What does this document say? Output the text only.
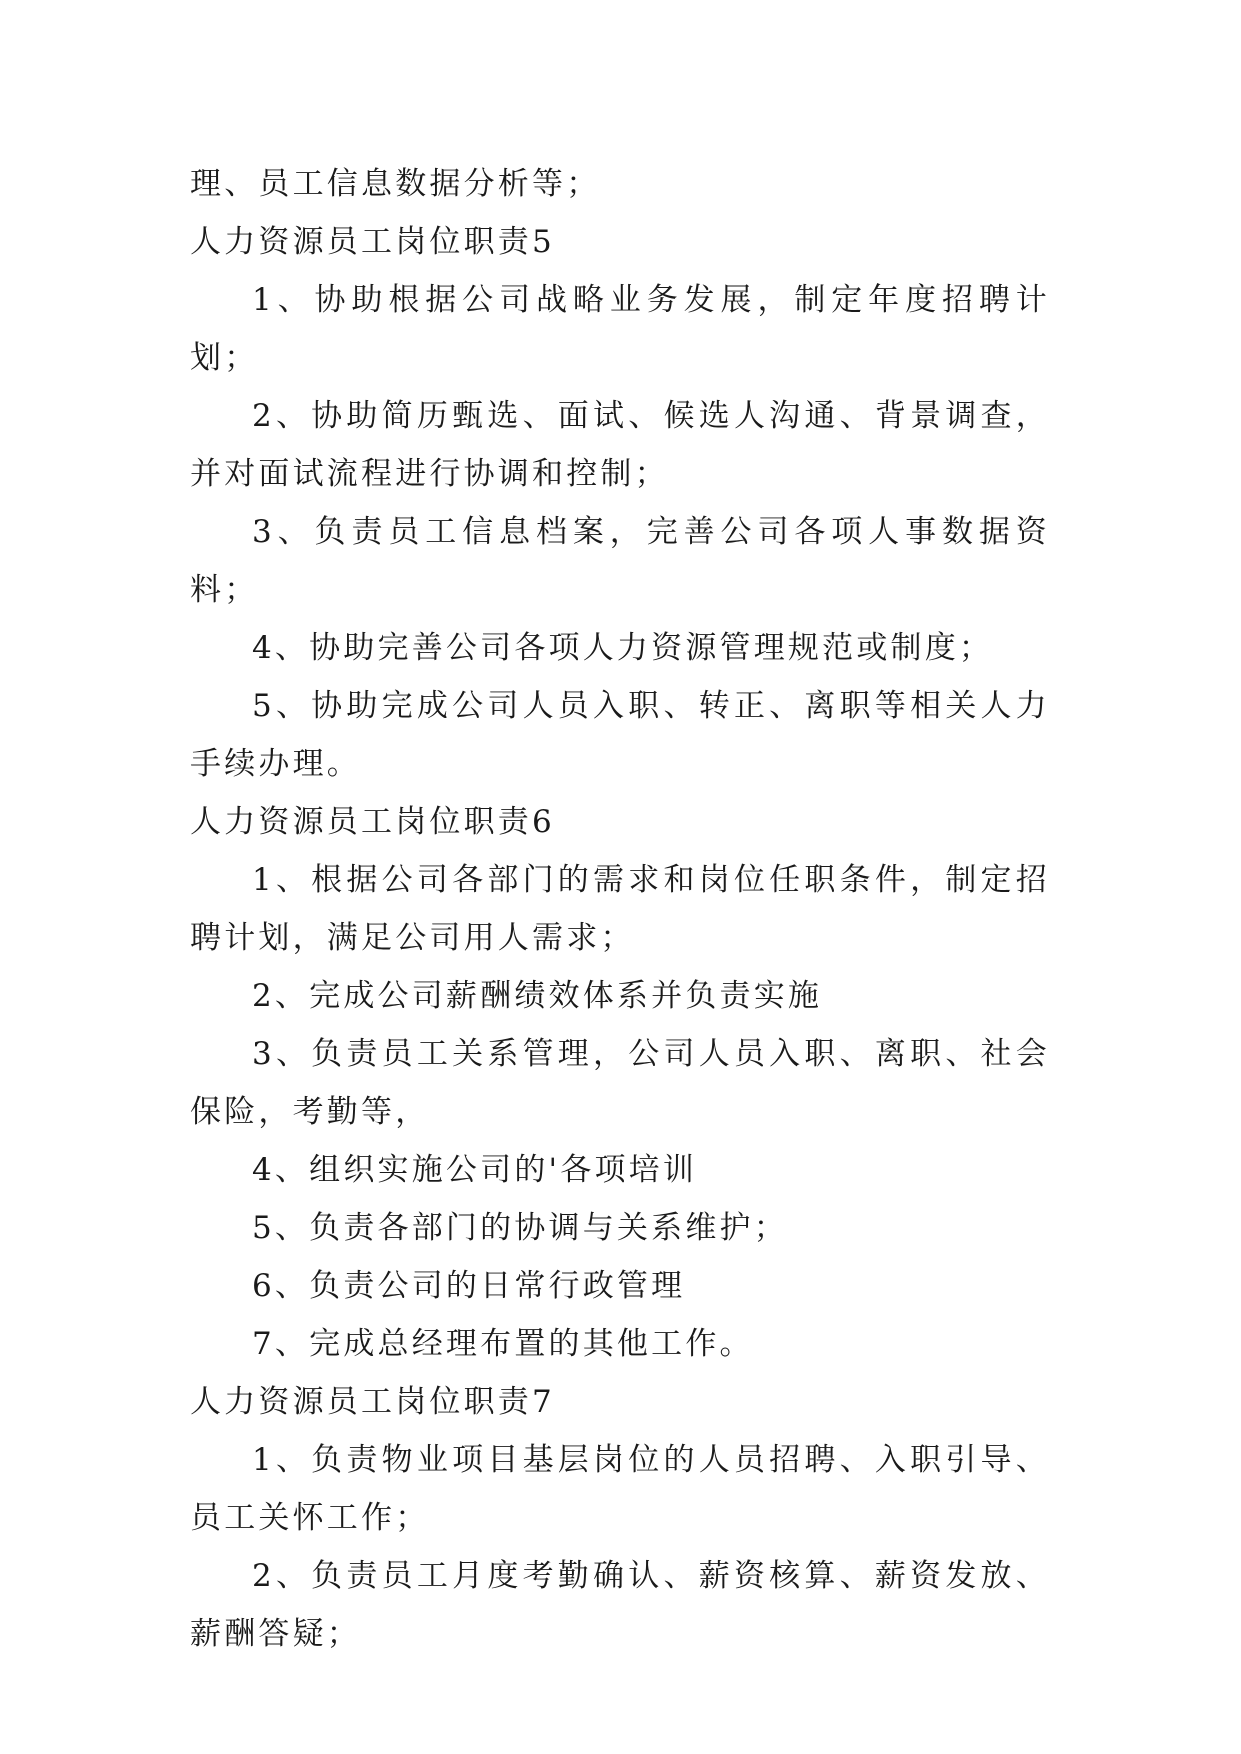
理、员工信息数据分析等；

人力资源员工岗位职责5

1、协助根据公司战略业务发展，制定年度招聘计划；

2、协助简历甄选、面试、候选人沟通、背景调查，并对面试流程进行协调和控制；

3、负责员工信息档案，完善公司各项人事数据资料；

4、协助完善公司各项人力资源管理规范或制度；

5、协助完成公司人员入职、转正、离职等相关人力手续办理。

人力资源员工岗位职责6

1、根据公司各部门的需求和岗位任职条件，制定招聘计划，满足公司用人需求；

2、完成公司薪酬绩效体系并负责实施

3、负责员工关系管理，公司人员入职、离职、社会保险，考勤等，

4、组织实施公司的'各项培训

5、负责各部门的协调与关系维护；

6、负责公司的日常行政管理

7、完成总经理布置的其他工作。

人力资源员工岗位职责7

1、负责物业项目基层岗位的人员招聘、入职引导、员工关怀工作；

2、负责员工月度考勤确认、薪资核算、薪资发放、薪酬答疑；
